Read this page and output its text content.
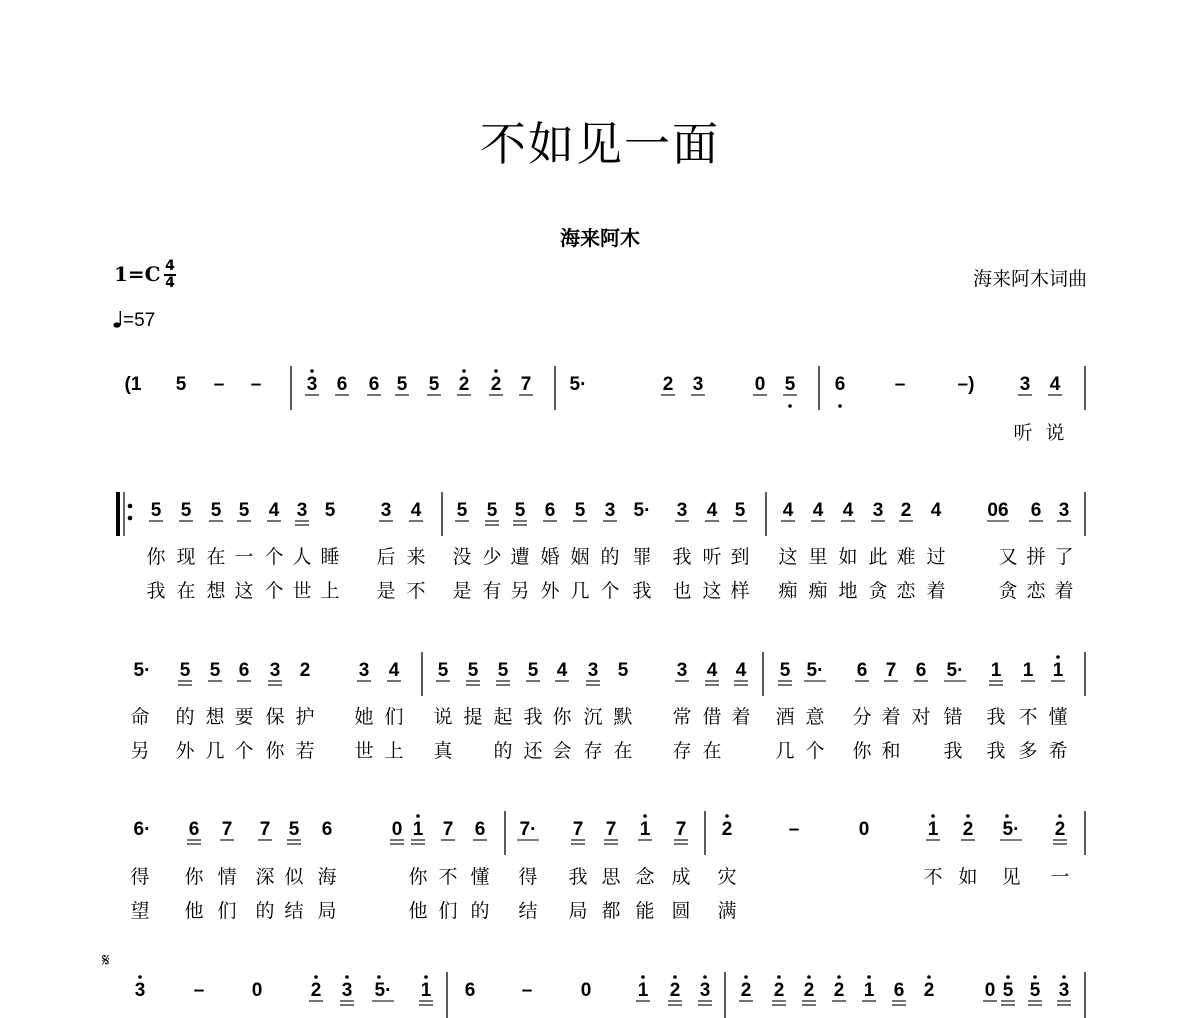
不如见一面
海来阿木
1=C 4
4
=57
海来阿木词曲
𝄋
(1 5 – – 3 6 6 5 5 2 2 7 5·	2 3	0 5 6	–	–) 3 4
听 说
5 5 5 5 4 3 5 3 4 5 5 5 6 5 3 5· 3 4 5 4 4 4 3 2 4 06 6 3
你 现 在 一 个 人 睡 后 来 没 少 遭 婚 姻 的 罪 我 听 到 这 里 如 此 难 过	又 拼 了
我 在 想 这 个 世 上 是 不 是 有 另 外 几 个 我 也 这 样 痴 痴 地 贪 恋 着	贪 恋 着
5· 5 5 6 3 2	3 4 5 5 5 5 4 3 5	3 4 4 5 5· 6 7 6 5· 1 1 1
命 的 想 要 保 护 她 们 说 提 起 我 你 沉 默 常 借 着 酒 意 分 着 对 错 我 不 懂
另 外 几 个 你 若 世 上 真 的 还 会 存 在 存 在	几 个 你 和 我 我 多 希
6· 6 7 7 5 6	0 1 7 6 7· 7 7 1 7 2	–	0	1 2 5· 2
得 你 情 深 似 海	你 不 懂 得 我 思 念 成 灾	不 如 见 一
望 他 们 的 结 局	他 们 的 结 局 都 能 圆 满
3	– 0	2 3 5· 1 6 –	0 1 2 3 2 2 2 2 1 6 2	0 5 5 3
